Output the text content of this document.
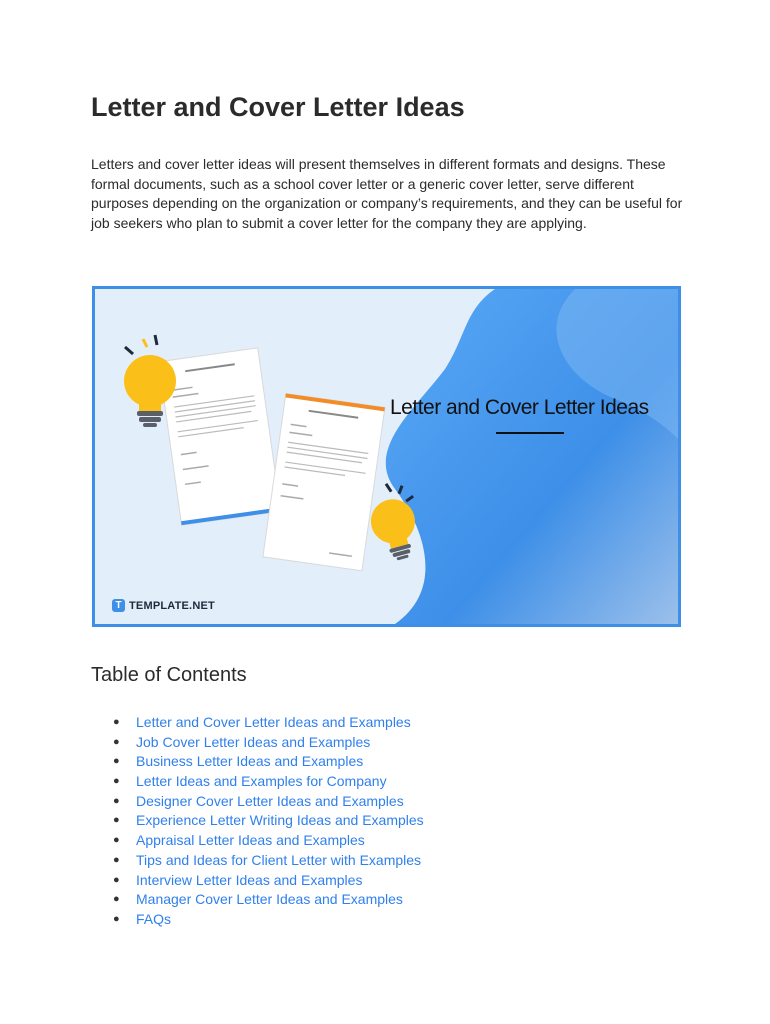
Letter and Cover Letter Ideas

Letters and cover letter ideas will present themselves in different formats and designs. These formal documents, such as a school cover letter or a generic cover letter, serve different purposes depending on the organization or company’s requirements, and they can be useful for job seekers who plan to submit a cover letter for the company they are applying.

Letter and Cover Letter Ideas
T TEMPLATE.NET
Table of Contents
● Letter and Cover Letter Ideas and Examples
● Job Cover Letter Ideas and Examples
● Business Letter Ideas and Examples
● Letter Ideas and Examples for Company
● Designer Cover Letter Ideas and Examples
● Experience Letter Writing Ideas and Examples
● Appraisal Letter Ideas and Examples
● Tips and Ideas for Client Letter with Examples
● Interview Letter Ideas and Examples
● Manager Cover Letter Ideas and Examples
● FAQs
